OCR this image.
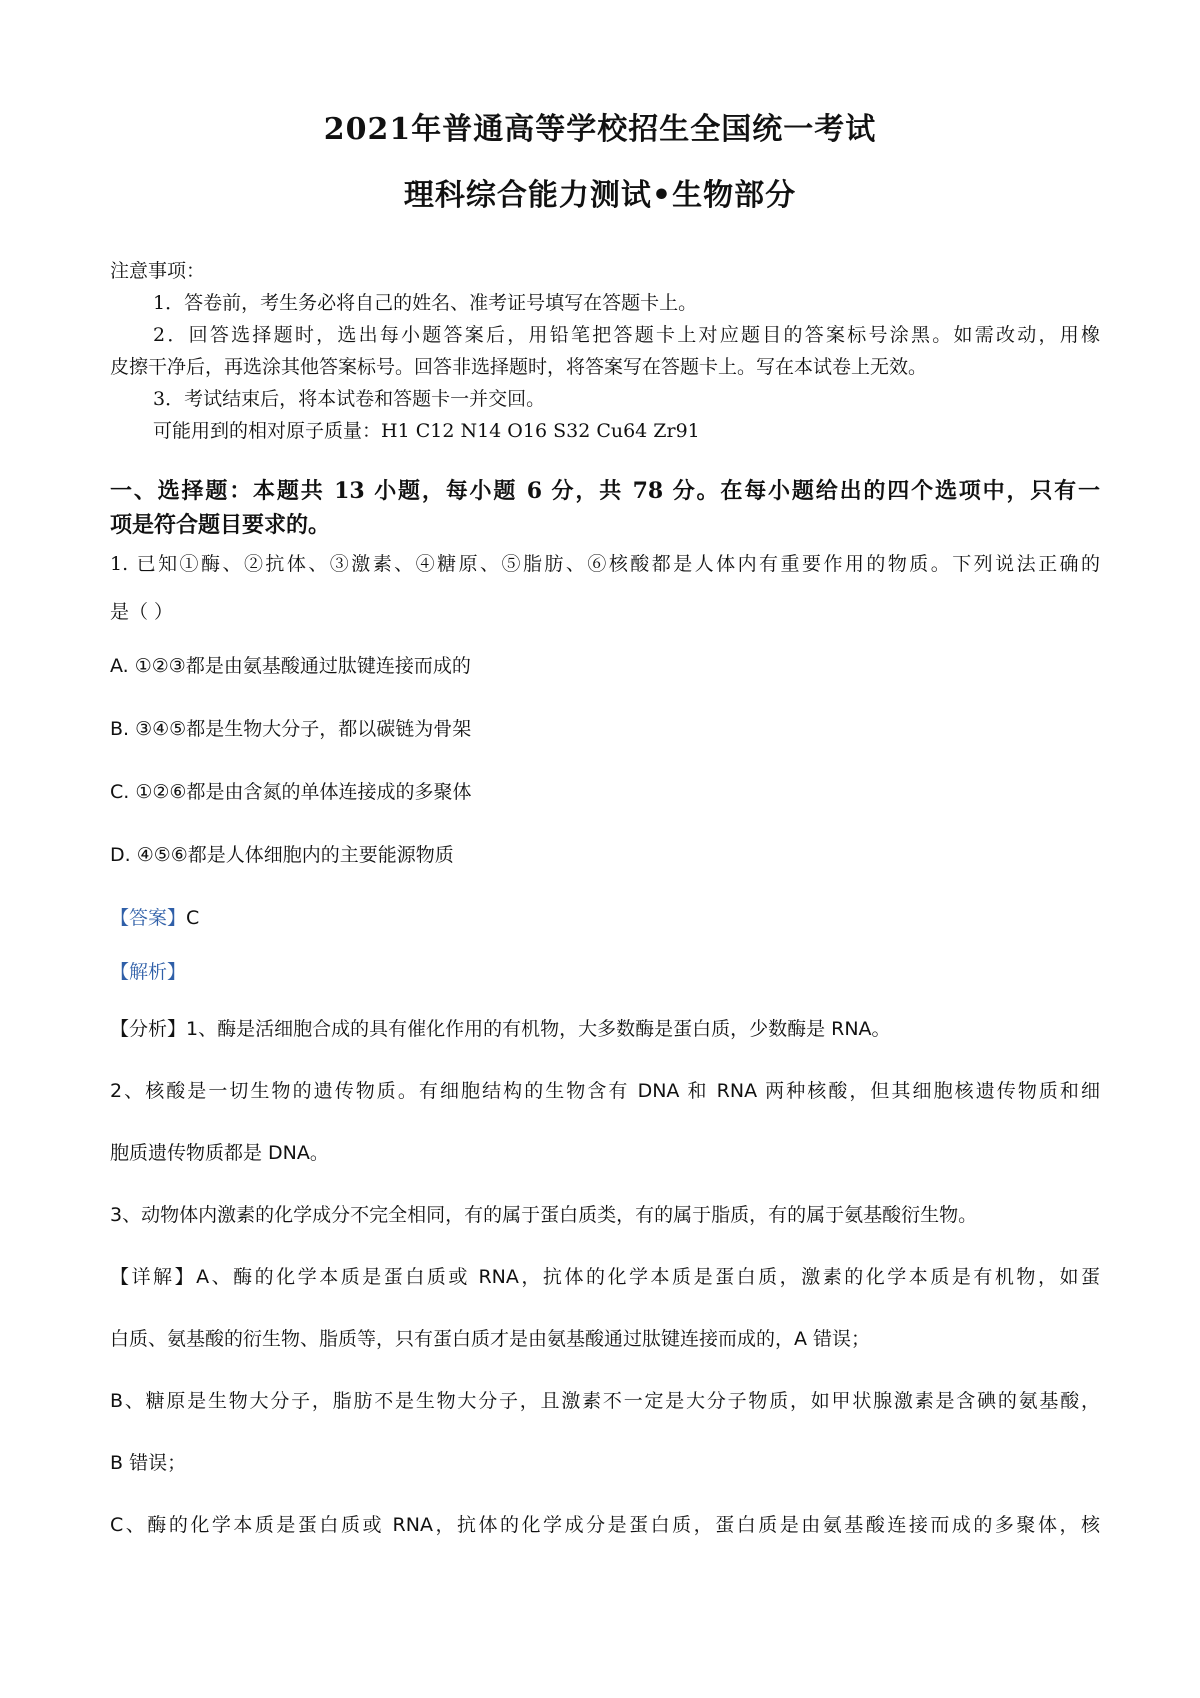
2021年普通高等学校招生全国统一考试
理科综合能力测试•生物部分
注意事项：
1．答卷前，考生务必将自己的姓名、准考证号填写在答题卡上。
2．回答选择题时，选出每小题答案后，用铅笔把答题卡上对应题目的答案标号涂黑。如需改动，用橡
皮擦干净后，再选涂其他答案标号。回答非选择题时，将答案写在答题卡上。写在本试卷上无效。
3．考试结束后，将本试卷和答题卡一并交回。
可能用到的相对原子质量：H1 C12 N14 O16 S32 Cu64 Zr91
一、选择题：本题共 13 小题，每小题 6 分，共 78 分。在每小题给出的四个选项中，只有一
项是符合题目要求的。
1. 已知①酶、②抗体、③激素、④糖原、⑤脂肪、⑥核酸都是人体内有重要作用的物质。下列说法正确的
是（ ）
A. ①②③都是由氨基酸通过肽键连接而成的
B. ③④⑤都是生物大分子，都以碳链为骨架
C. ①②⑥都是由含氮的单体连接成的多聚体
D. ④⑤⑥都是人体细胞内的主要能源物质
【答案】C
【解析】
【分析】1、酶是活细胞合成的具有催化作用的有机物，大多数酶是蛋白质，少数酶是 RNA。
2、核酸是一切生物的遗传物质。有细胞结构的生物含有 DNA 和 RNA 两种核酸，但其细胞核遗传物质和细
胞质遗传物质都是 DNA。
3、动物体内激素的化学成分不完全相同，有的属于蛋白质类，有的属于脂质，有的属于氨基酸衍生物。
【详解】A、酶的化学本质是蛋白质或 RNA，抗体的化学本质是蛋白质，激素的化学本质是有机物，如蛋
白质、氨基酸的衍生物、脂质等，只有蛋白质才是由氨基酸通过肽键连接而成的，A 错误；
B、糖原是生物大分子，脂肪不是生物大分子，且激素不一定是大分子物质，如甲状腺激素是含碘的氨基酸，
B 错误；
C、酶的化学本质是蛋白质或 RNA，抗体的化学成分是蛋白质，蛋白质是由氨基酸连接而成的多聚体，核
